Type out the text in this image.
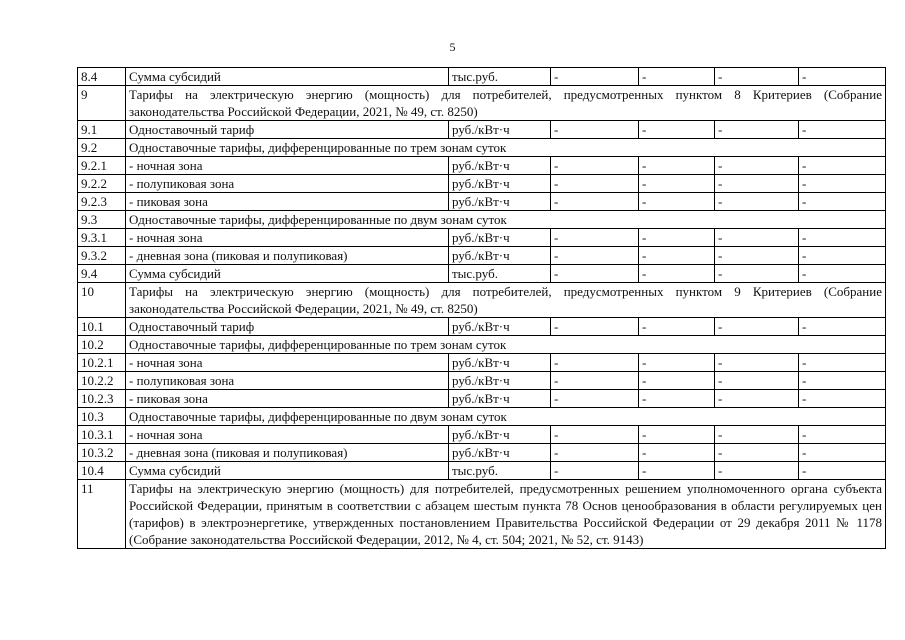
5
8.4	Сумма субсидий	тыс.руб.	-	-	-	-
9	Тарифы на электрическую энергию (мощность) для потребителей, предусмотренных пунктом 8 Критериев (Собрание законодательства Российской Федерации, 2021, № 49, ст. 8250)					
9.1	Одноставочный тариф	руб./кВт·ч	-	-	-	-
9.2	Одноставочные тарифы, дифференцированные по трем зонам суток					
9.2.1	- ночная зона	руб./кВт·ч	-	-	-	-
9.2.2	- полупиковая зона	руб./кВт·ч	-	-	-	-
9.2.3	- пиковая зона	руб./кВт·ч	-	-	-	-
9.3	Одноставочные тарифы, дифференцированные по двум зонам суток					
9.3.1	- ночная зона	руб./кВт·ч	-	-	-	-
9.3.2	- дневная зона (пиковая и полупиковая)	руб./кВт·ч	-	-	-	-
9.4	Сумма субсидий	тыс.руб.	-	-	-	-
10	Тарифы на электрическую энергию (мощность) для потребителей, предусмотренных пунктом 9 Критериев (Собрание законодательства Российской Федерации, 2021, № 49, ст. 8250)					
10.1	Одноставочный тариф	руб./кВт·ч	-	-	-	-
10.2	Одноставочные тарифы, дифференцированные по трем зонам суток					
10.2.1	- ночная зона	руб./кВт·ч	-	-	-	-
10.2.2	- полупиковая зона	руб./кВт·ч	-	-	-	-
10.2.3	- пиковая зона	руб./кВт·ч	-	-	-	-
10.3	Одноставочные тарифы, дифференцированные по двум зонам суток					
10.3.1	- ночная зона	руб./кВт·ч	-	-	-	-
10.3.2	- дневная зона (пиковая и полупиковая)	руб./кВт·ч	-	-	-	-
10.4	Сумма субсидий	тыс.руб.	-	-	-	-
11	Тарифы на электрическую энергию (мощность) для потребителей, предусмотренных решением уполномоченного органа субъекта Российской Федерации, принятым в соответствии с абзацем шестым пункта 78 Основ ценообразования в области регулируемых цен (тарифов) в электроэнергетике, утвержденных постановлением Правительства Российской Федерации от 29 декабря 2011 № 1178 (Собрание законодательства Российской Федерации, 2012, № 4, ст. 504; 2021, № 52, ст. 9143)					
